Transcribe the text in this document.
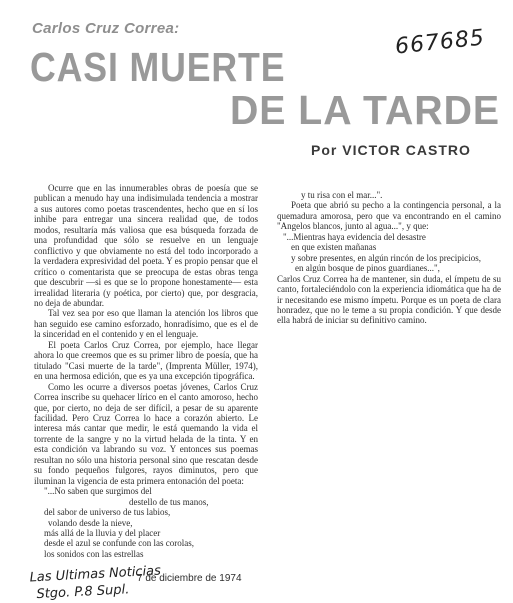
Carlos Cruz Correa:
CASI MUERTE
DE LA TARDE
Por VICTOR CASTRO
667685

Ocurre que en las innumerables obras de poesía que se publican a menudo hay una indisimulada tendencia a mostrar a sus autores como poetas trascendentes, hecho que en sí los inhibe para entregar una sincera realidad que, de todos modos, resultaría más valiosa que esa búsqueda forzada de una profundidad que sólo se resuelve en un lenguaje conflictivo y que obviamente no está del todo incorporado a la verdadera expresividad del poeta. Y es propio pensar que el crítico o comentarista que se preocupa de estas obras tenga que descubrir —si es que se lo propone honestamente— esta irrealidad literaria (y poética, por cierto) que, por desgracia, no deja de abundar.

Tal vez sea por eso que llaman la atención los libros que han seguido ese camino esforzado, honradísimo, que es el de la sinceridad en el contenido y en el lenguaje.

El poeta Carlos Cruz Correa, por ejemplo, hace llegar ahora lo que creemos que es su primer libro de poesía, que ha titulado "Casi muerte de la tarde", (Imprenta Müller, 1974), en una hermosa edición, que es ya una excepción tipográfica.

Como les ocurre a diversos poetas jóvenes, Carlos Cruz Correa inscribe su quehacer lírico en el canto amoroso, hecho que, por cierto, no deja de ser difícil, a pesar de su aparente facilidad. Pero Cruz Correa lo hace a corazón abierto. Le interesa más cantar que medir, le está quemando la vida el torrente de la sangre y no la virtud helada de la tinta. Y en esta condición va labrando su voz. Y entonces sus poemas resultan no sólo una historia personal sino que rescatan desde su fondo pequeños fulgores, rayos diminutos, pero que iluminan la vigencia de esta primera entonación del poeta:

"...No saben que surgimos del
destello de tus manos,
del sabor de universo de tus labios,
volando desde la nieve,
más allá de la lluvia y del placer
desde el azul se confunde con las corolas,
los sonidos con las estrellas
y tu risa con el mar...".

Poeta que abrió su pecho a la contingencia personal, a la quemadura amorosa, pero que va encontrando en el camino "Angelos blancos, junto al agua...", y que:

"...Mientras haya evidencia del desastre
en que existen mañanas
y sobre presentes, en algún rincón de los precipicios,
en algún bosque de pinos guardianes...",

Carlos Cruz Correa ha de mantener, sin duda, el ímpetu de su canto, fortaleciéndolo con la experiencia idiomática que ha de ir necesitando ese mismo ímpetu. Porque es un poeta de clara honradez, que no le teme a su propia condición. Y que desde ella habrá de iniciar su definitivo camino.

Las Ultimas Noticias
Stgo. P.8 Supl.
7 de diciembre de 1974
